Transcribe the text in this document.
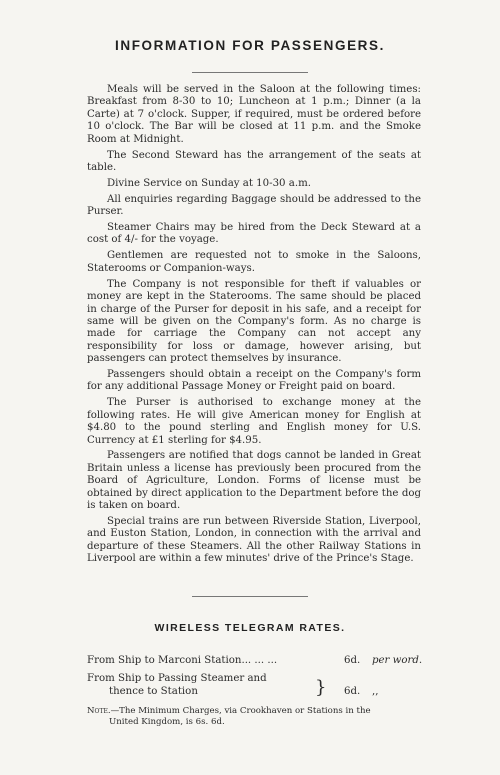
INFORMATION FOR PASSENGERS.

Meals will be served in the Saloon at the following times: Breakfast from 8-30 to 10; Luncheon at 1 p.m.; Dinner (a la Carte) at 7 o'clock. Supper, if required, must be ordered before 10 o'clock. The Bar will be closed at 11 p.m. and the Smoke Room at Midnight.

The Second Steward has the arrangement of the seats at table.

Divine Service on Sunday at 10-30 a.m.

All enquiries regarding Baggage should be addressed to the Purser.

Steamer Chairs may be hired from the Deck Steward at a cost of 4/- for the voyage.

Gentlemen are requested not to smoke in the Saloons, Staterooms or Companion-ways.

The Company is not responsible for theft if valuables or money are kept in the Staterooms. The same should be placed in charge of the Purser for deposit in his safe, and a receipt for same will be given on the Company's form. As no charge is made for carriage the Company can not accept any responsibility for loss or damage, however arising, but passengers can protect themselves by insurance.

Passengers should obtain a receipt on the Company's form for any additional Passage Money or Freight paid on board.

The Purser is authorised to exchange money at the following rates. He will give American money for English at $4.80 to the pound sterling and English money for U.S. Currency at £1 sterling for $4.95.

Passengers are notified that dogs cannot be landed in Great Britain unless a license has previously been procured from the Board of Agriculture, London. Forms of license must be obtained by direct application to the Department before the dog is taken on board.

Special trains are run between Riverside Station, Liverpool, and Euston Station, London, in connection with the arrival and departure of these Steamers. All the other Railway Stations in Liverpool are within a few minutes' drive of the Prince's Stage.

WIRELESS TELEGRAM RATES.
From Ship to Marconi Station... ... ...	6d. per word.
From Ship to Passing Steamer and
thence to Station	} 6d. ,,
Note.—The Minimum Charges, via Crookhaven or Stations in the
United Kingdom, is 6s. 6d.
